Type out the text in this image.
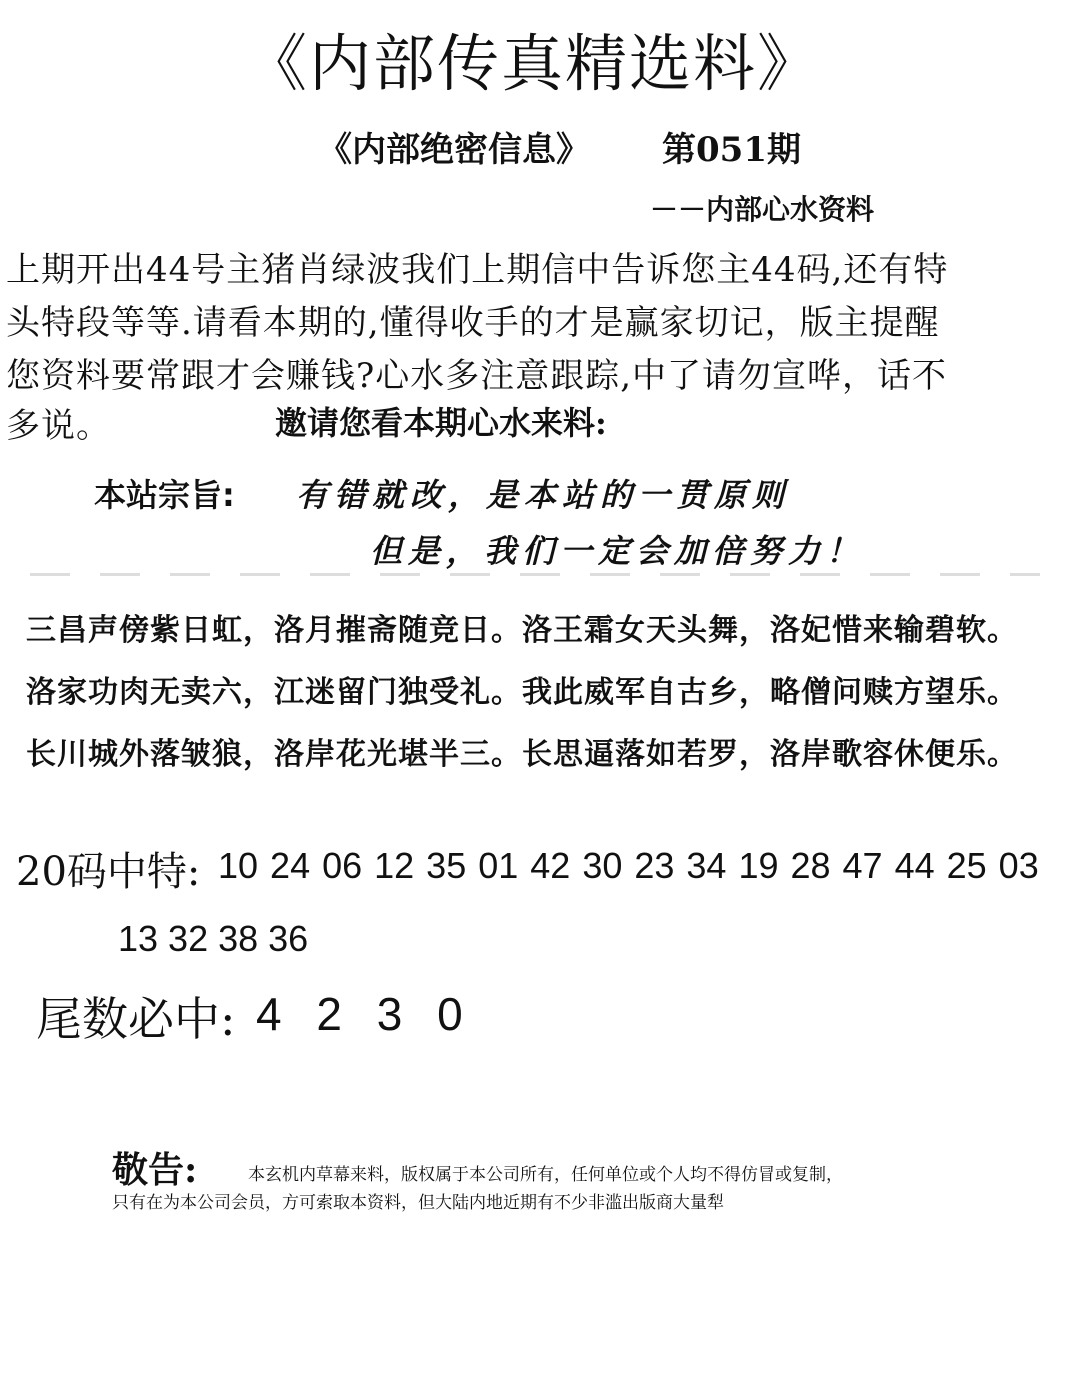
《内部传真精选料》
《内部绝密信息》 第051期
－－内部心水资料
上期开出44号主猪肖绿波我们上期信中告诉您主44码,还有特
头特段等等.请看本期的,懂得收手的才是赢家切记，版主提醒
您资料要常跟才会赚钱?心水多注意跟踪,中了请勿宣哗，话不
多说。	邀请您看本期心水来料:
本站宗旨: 有错就改，是本站的一贯原则
但是，我们一定会加倍努力！
三昌声傍紫日虹，洛月摧斋随竞日。洛王霜女天头舞，洛妃惜来输碧软。
洛家功肉无卖六，江迷留门独受礼。我此威军自古乡，略僧问赎方望乐。
长川城外落皱狼，洛岸花光堪半三。长思逼落如若罗，洛岸歌容休便乐。
20码中特: 10 24 06 12 35 01 42 30 23 34 19 28 47 44 25 03
13 32 38 36
尾数必中: 4 2 3 0
敬告:	本玄机内草幕来料，版权属于本公司所有，任何单位或个人均不得仿冒或复制，
只有在为本公司会员，方可索取本资料，但大陆内地近期有不少非滥出版商大量犁
